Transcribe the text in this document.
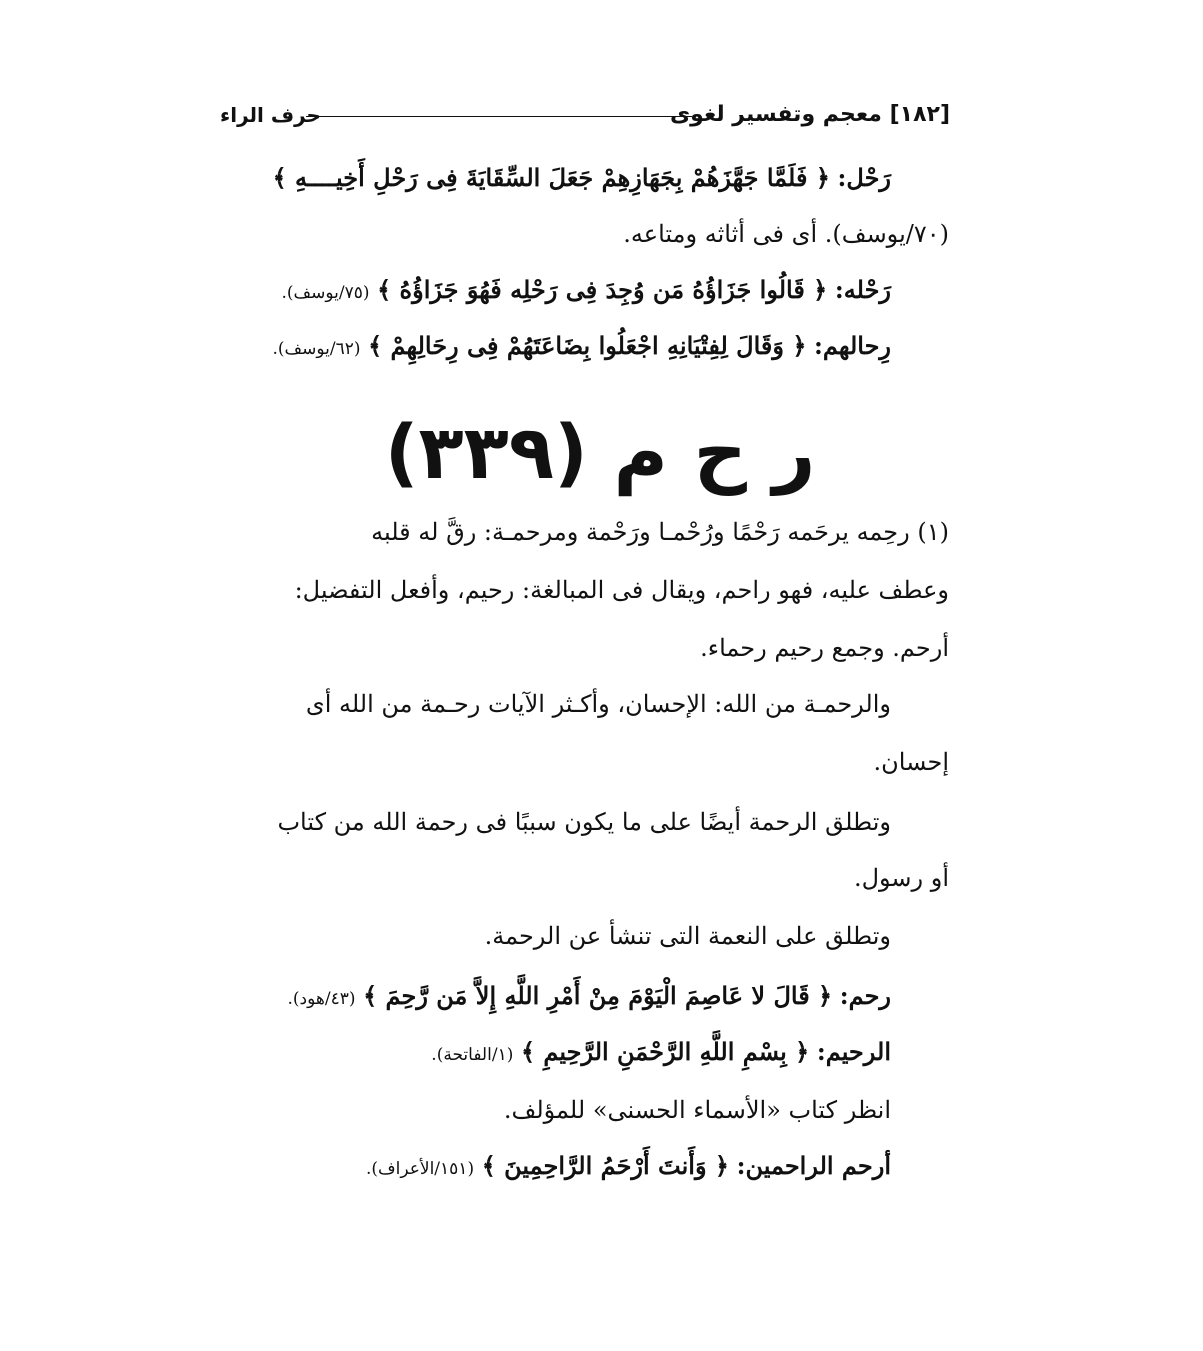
[١٨٢] معجم وتفسير لغوى
حرف الراء
رَحْل: ﴿ فَلَمَّا جَهَّزَهُمْ بِجَهَازِهِمْ جَعَلَ السِّقَايَةَ فِى رَحْلِ أَخِيــــهِ ﴾
(٧٠/يوسف). أى فى أثاثه ومتاعه.
رَحْله: ﴿ قَالُوا جَزَاؤُهُ مَن وُجِدَ فِى رَحْلِه فَهُوَ جَزَاؤُهُ ﴾ (٧٥/يوسف).
رِحالهم: ﴿ وَقَالَ لِفِتْيَانِهِ اجْعَلُوا بِضَاعَتَهُمْ فِى رِحَالِهِمْ ﴾ (٦٢/يوسف).
ر ح م (٣٣٩)
(١) رحِمه يرحَمه رَحْمًا ورُحْمـا ورَحْمة ومرحمـة: رقَّ له قلبه
وعطف عليه، فهو راحم، ويقال فى المبالغة: رحيم، وأفعل التفضيل:
أرحم. وجمع رحيم رحماء.
والرحمـة من الله: الإحسان، وأكـثر الآيات رحـمة من الله أى
إحسان.
وتطلق الرحمة أيضًا على ما يكون سببًا فى رحمة الله من كتاب
أو رسول.
وتطلق على النعمة التى تنشأ عن الرحمة.
رحم: ﴿ قَالَ لا عَاصِمَ الْيَوْمَ مِنْ أَمْرِ اللَّهِ إِلاَّ مَن رَّحِمَ ﴾ (٤٣/هود).
الرحيم: ﴿ بِسْمِ اللَّهِ الرَّحْمَنِ الرَّحِيمِ ﴾ (١/الفاتحة).
انظر كتاب «الأسماء الحسنى» للمؤلف.
أرحم الراحمين: ﴿ وَأَنتَ أَرْحَمُ الرَّاحِمِينَ ﴾ (١٥١/الأعراف).
